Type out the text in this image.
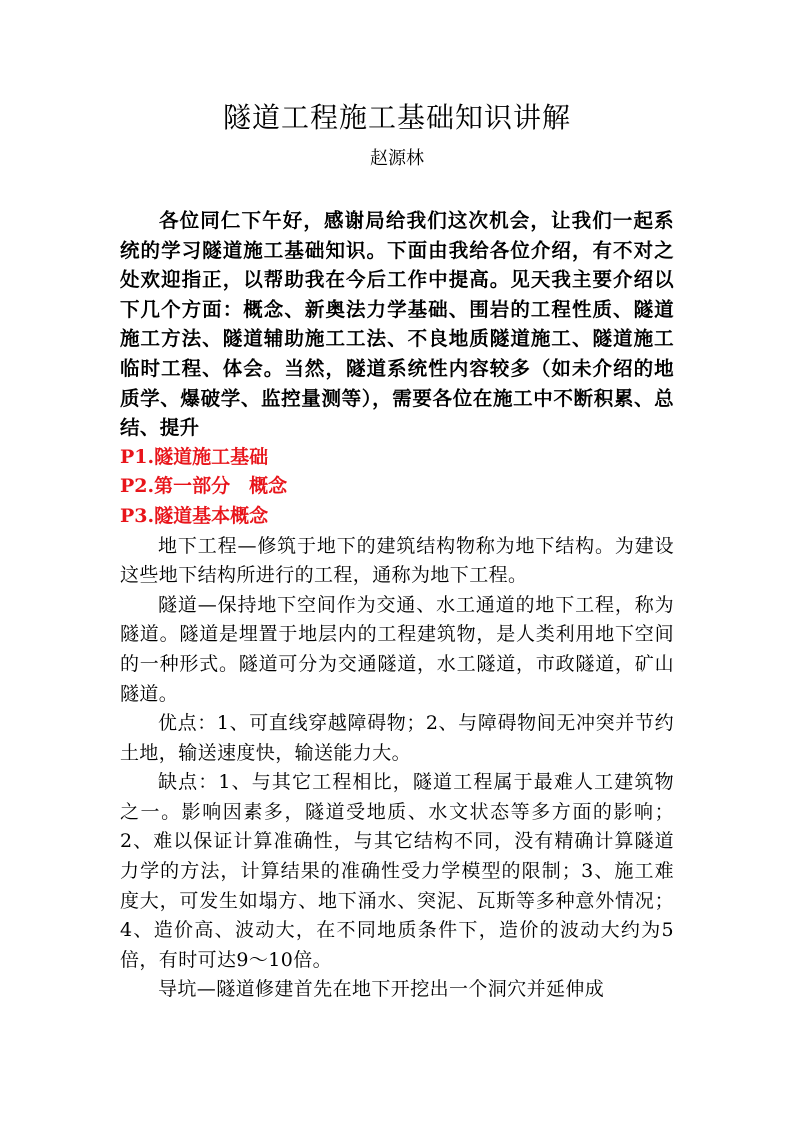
隧道工程施工基础知识讲解

赵源林

各位同仁下午好，感谢局给我们这次机会，让我们一起系统的学习隧道施工基础知识。下面由我给各位介绍，有不对之处欢迎指正，以帮助我在今后工作中提高。见天我主要介绍以下几个方面：概念、新奥法力学基础、围岩的工程性质、隧道施工方法、隧道辅助施工工法、不良地质隧道施工、隧道施工临时工程、体会。当然，隧道系统性内容较多（如未介绍的地质学、爆破学、监控量测等），需要各位在施工中不断积累、总结、提升

P1.隧道施工基础

P2.第一部分　概念

P3.隧道基本概念

地下工程—修筑于地下的建筑结构物称为地下结构。为建设这些地下结构所进行的工程，通称为地下工程。

隧道—保持地下空间作为交通、水工通道的地下工程，称为隧道。隧道是埋置于地层内的工程建筑物，是人类利用地下空间的一种形式。隧道可分为交通隧道，水工隧道，市政隧道，矿山隧道。

优点：1、可直线穿越障碍物；2、与障碍物间无冲突并节约土地，输送速度快，输送能力大。

缺点：1、与其它工程相比，隧道工程属于最难人工建筑物之一。影响因素多，隧道受地质、水文状态等多方面的影响；2、难以保证计算准确性，与其它结构不同，没有精确计算隧道力学的方法，计算结果的准确性受力学模型的限制；3、施工难度大，可发生如塌方、地下涌水、突泥、瓦斯等多种意外情况；4、造价高、波动大，在不同地质条件下，造价的波动大约为5倍，有时可达9～10倍。

导坑—隧道修建首先在地下开挖出一个洞穴并延伸成
